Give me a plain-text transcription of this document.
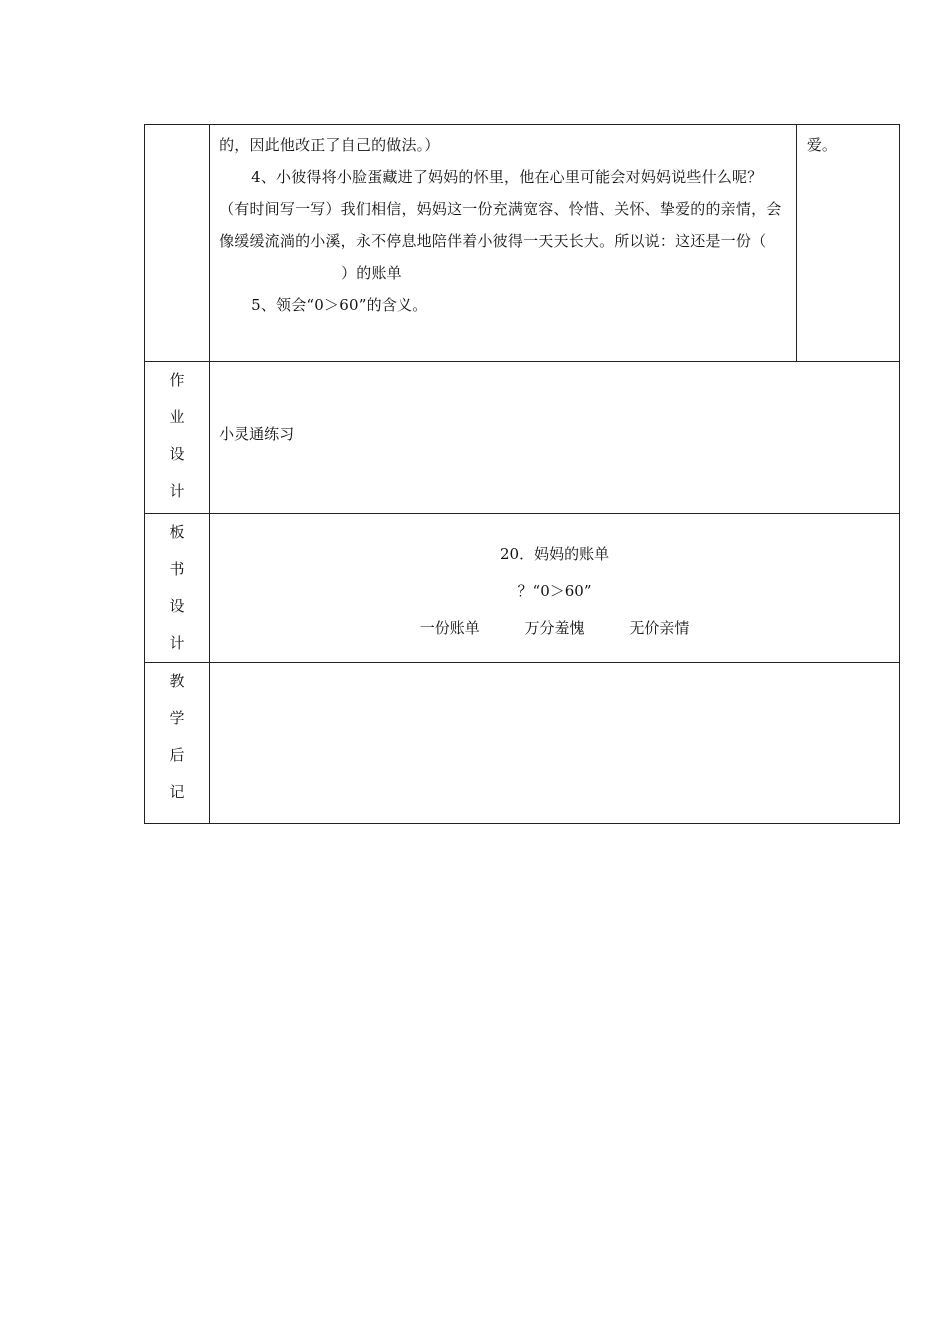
	的，因此他改正了自己的做法。）

4、小彼得将小脸蛋藏进了妈妈的怀里，他在心里可能会对妈妈说些什么呢？ （有时间写一写）我们相信，妈妈这一份充满宽容、怜惜、关怀、挚爱的的亲情，会像缓缓流淌的小溪，永不停息地陪伴着小彼得一天天长大。所以说：这还是一份（）的账单

5、领会“0＞60”的含义。	爱。

作
业
设
计	小灵通练习	

板
书
设
计	20．妈妈的账单
？“0＞60”
一份账单 万分羞愧 无价亲情	

教
学
后
记		
